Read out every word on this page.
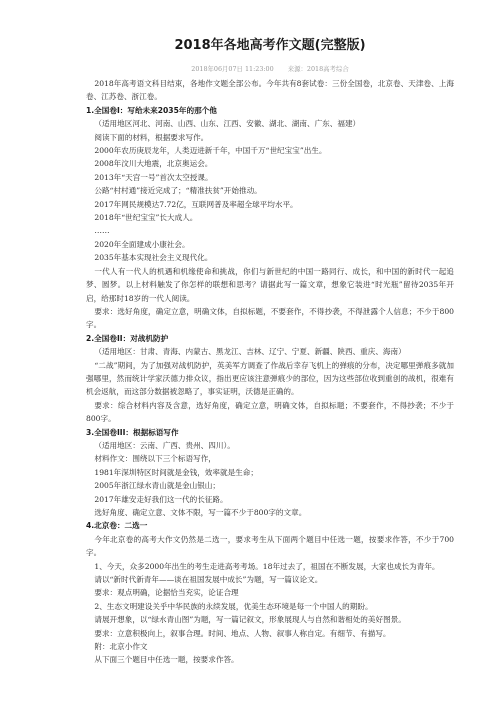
2018年各地高考作文题(完整版)
2018年06月07日 11:23:00 来源：2018高考综合

2018年高考语文科目结束，各地作文题全部公布。今年共有8套试卷：三份全国卷，北京卷、天津卷、上海卷、江苏卷、浙江卷。

1.全国卷I：写给未来2035年的那个他

（适用地区河北、河南、山西、山东、江西、安徽、湖北、湖南、广东、福建）

阅读下面的材料，根据要求写作。

2000年农历庚辰龙年，人类迈进新千年，中国千万“世纪宝宝”出生。

2008年汶川大地震，北京奥运会。

2013年“天宫一号”首次太空授课。

公路“村村通”接近完成了；“精准扶贫”开始推动。

2017年网民规模达7.72亿，互联网普及率超全球平均水平。

2018年“世纪宝宝”长大成人。

……

2020年全面建成小康社会。

2035年基本实现社会主义现代化。

一代人有一代人的机遇和机缘使命和挑战，你们与新世纪的中国一路同行、成长，和中国的新时代一起追梦、圆梦。以上材料触发了你怎样的联想和思考？请据此写一篇文章，想象它装进“时光瓶”留待2035年开启，给那时18岁的一代人阅读。

要求：选好角度，确定立意，明确文体，自拟标题，不要套作，不得抄袭，不得泄露个人信息；不少于800字。

2.全国卷II：对战机防护

（适用地区：甘肃、青海、内蒙古、黑龙江、吉林、辽宁、宁夏、新疆、陕西、重庆、海南）

“二战”期间，为了加强对战机防护，英美军方调查了作战后幸存飞机上的弹痕的分布，决定哪里弹痕多就加强哪里，然而统计学家沃德力排众议，指出更应该注意弹痕少的部位，因为这些部位收到重创的战机，很难有机会返航，而这部分数据被忽略了，事实证明，沃德是正确的。

要求：综合材料内容及含意，选好角度，确定立意，明确文体，自拟标题；不要套作，不得抄袭；不少于800字。

3.全国卷III：根据标语写作

（适用地区：云南、广西、贵州、四川）。

材料作文：围绕以下三个标语写作，

1981年深圳特区时间就是金钱，效率就是生命；

2005年浙江绿水青山就是金山银山；

2017年雄安走好我们这一代的长征路。

选好角度、确定立意、文体不限，写一篇不少于800字的文章。

4.北京卷：二选一

今年北京卷的高考大作文仍然是二选一，要求考生从下面两个题目中任选一题，按要求作答，不少于700字。

1、今天，众多2000年出生的考生走进高考考场。18年过去了，祖国在不断发展，大家也成长为青年。

请以“新时代新青年——谈在祖国发展中成长”为题，写一篇议论文。

要求：观点明确，论据恰当充实，论证合理

2、生态文明建设关乎中华民族的永续发展，优美生态环境是每一个中国人的期盼。

请展开想象，以“绿水青山图”为题，写一篇记叙文，形象展现人与自然和谐相处的美好图景。

要求：立意积极向上，叙事合理。时间、地点、人物、叙事人称自定。有细节、有描写。

附：北京小作文

从下面三个题目中任选一题，按要求作答。
